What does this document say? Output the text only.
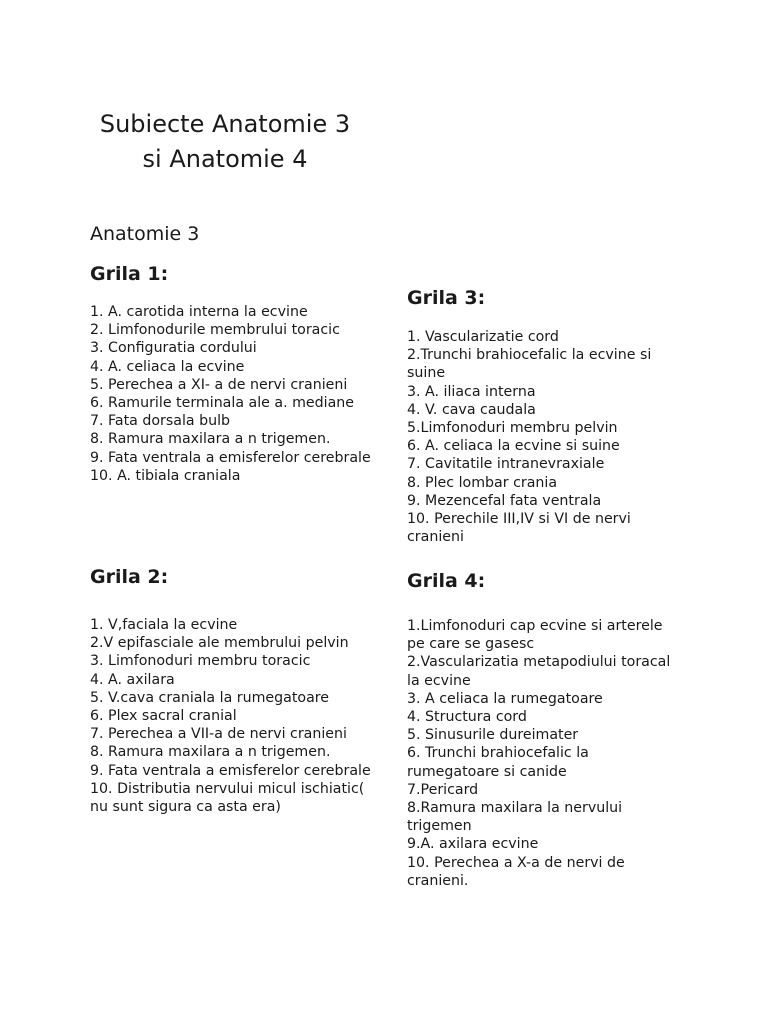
Subiecte Anatomie 3
si Anatomie 4
Anatomie 3
Grila 1:
1. A. carotida interna la ecvine
2. Limfonodurile membrului toracic
3. Configuratia cordului
4. A. celiaca la ecvine
5. Perechea a XI- a de nervi cranieni
6. Ramurile terminala ale a. mediane
7. Fata dorsala bulb
8. Ramura maxilara a n trigemen.
9. Fata ventrala a emisferelor cerebrale
10. A. tibiala craniala
Grila 2:
1. V,faciala la ecvine
2.V epifasciale ale membrului pelvin
3. Limfonoduri membru toracic
4. A. axilara
5. V.cava craniala la rumegatoare
6. Plex sacral cranial
7. Perechea a VII-a de nervi cranieni
8. Ramura maxilara a n trigemen.
9. Fata ventrala a emisferelor cerebrale
10. Distributia nervului micul ischiatic( nu sunt sigura ca asta era)
Grila 3:
1. Vascularizatie cord
2.Trunchi brahiocefalic la ecvine si suine
3. A. iliaca interna
4. V. cava caudala
5.Limfonoduri membru pelvin
6. A. celiaca la ecvine si suine
7. Cavitatile intranevraxiale
8. Plec lombar crania
9. Mezencefal fata ventrala
10. Perechile III,IV si VI de nervi cranieni
Grila 4:
1.Limfonoduri cap ecvine si arterele pe care se gasesc
2.Vascularizatia metapodiului toracal la ecvine
3. A celiaca la rumegatoare
4. Structura cord
5. Sinusurile dureimater
6. Trunchi brahiocefalic la rumegatoare si canide
7.Pericard
8.Ramura maxilara la nervului trigemen
9.A. axilara ecvine
10. Perechea a X-a de nervi de cranieni.
